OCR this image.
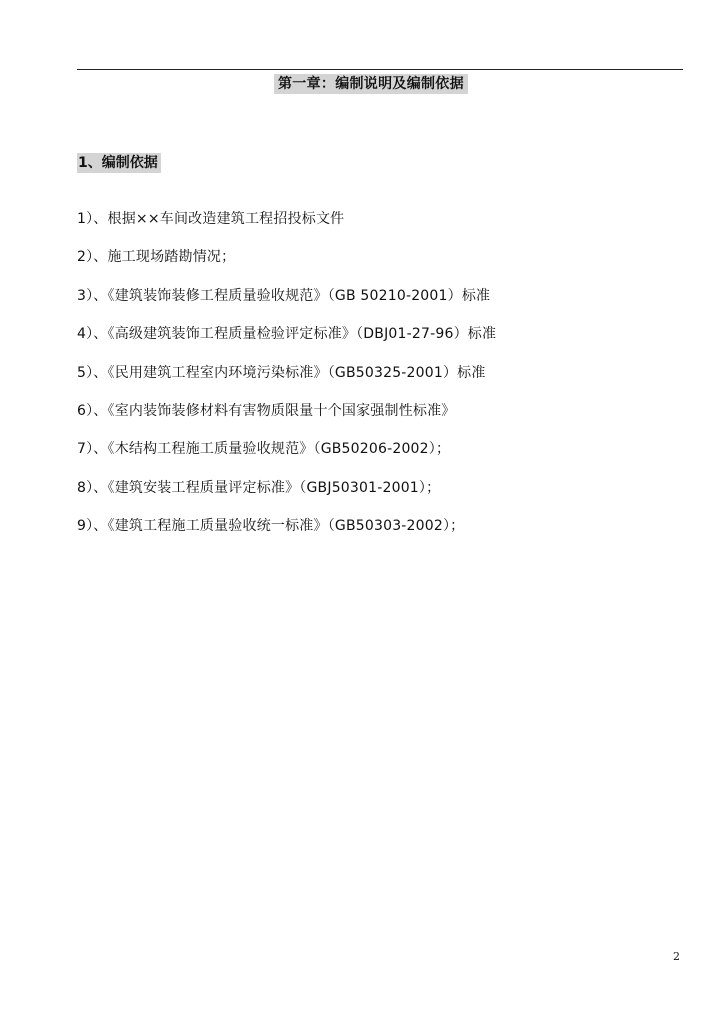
第一章：编制说明及编制依据
1、编制依据
1）、根据××车间改造建筑工程招投标文件
2）、施工现场踏勘情况；
3）、《建筑装饰装修工程质量验收规范》（GB 50210-2001）标准
4）、《高级建筑装饰工程质量检验评定标准》（DBJ01-27-96）标准
5）、《民用建筑工程室内环境污染标准》（GB50325-2001）标准
6）、《室内装饰装修材料有害物质限量十个国家强制性标准》
7）、《木结构工程施工质量验收规范》（GB50206-2002）；
8）、《建筑安装工程质量评定标准》（GBJ50301-2001）；
9）、《建筑工程施工质量验收统一标准》（GB50303-2002）；
2
